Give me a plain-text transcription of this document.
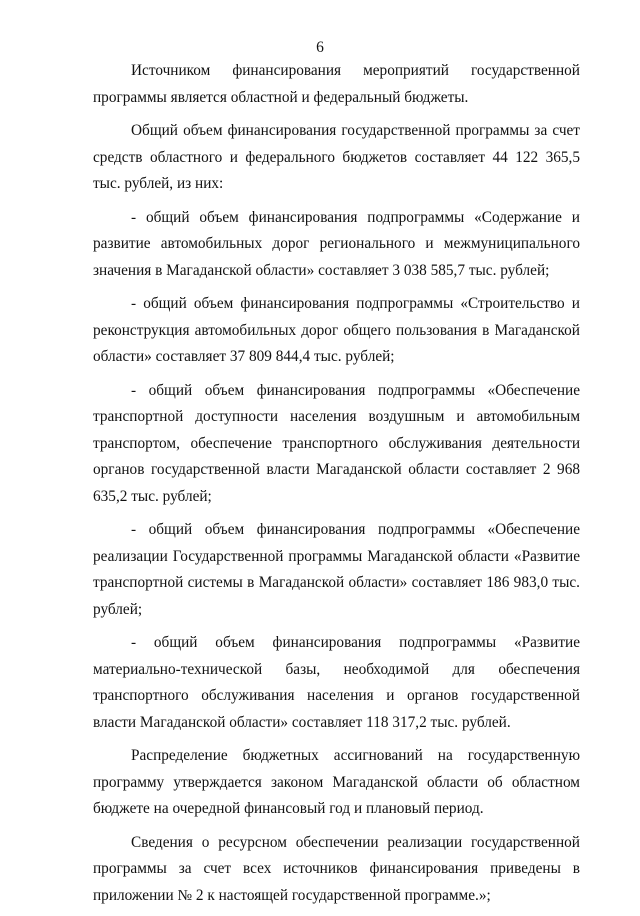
6

Источником финансирования мероприятий государственной программы является областной и федеральный бюджеты.

Общий объем финансирования государственной программы за счет средств областного и федерального бюджетов составляет 44 122 365,5 тыс. рублей, из них:

- общий объем финансирования подпрограммы «Содержание и развитие автомобильных дорог регионального и межмуниципального значения в Магаданской области» составляет 3 038 585,7 тыс. рублей;

- общий объем финансирования подпрограммы «Строительство и реконструкция автомобильных дорог общего пользования в Магаданской области» составляет 37 809 844,4 тыс. рублей;

- общий объем финансирования подпрограммы «Обеспечение транспортной доступности населения воздушным и автомобильным транспортом, обеспечение транспортного обслуживания деятельности органов государственной власти Магаданской области составляет 2 968 635,2 тыс. рублей;

- общий объем финансирования подпрограммы «Обеспечение реализации Государственной программы Магаданской области «Развитие транспортной системы в Магаданской области» составляет 186 983,0 тыс. рублей;

- общий объем финансирования подпрограммы «Развитие материально-технической базы, необходимой для обеспечения транспортного обслуживания населения и органов государственной власти Магаданской области» составляет 118 317,2 тыс. рублей.

Распределение бюджетных ассигнований на государственную программу утверждается законом Магаданской области об областном бюджете на очередной финансовый год и плановый период.

Сведения о ресурсном обеспечении реализации государственной программы за счет всех источников финансирования приведены в приложении № 2 к настоящей государственной программе.»;
